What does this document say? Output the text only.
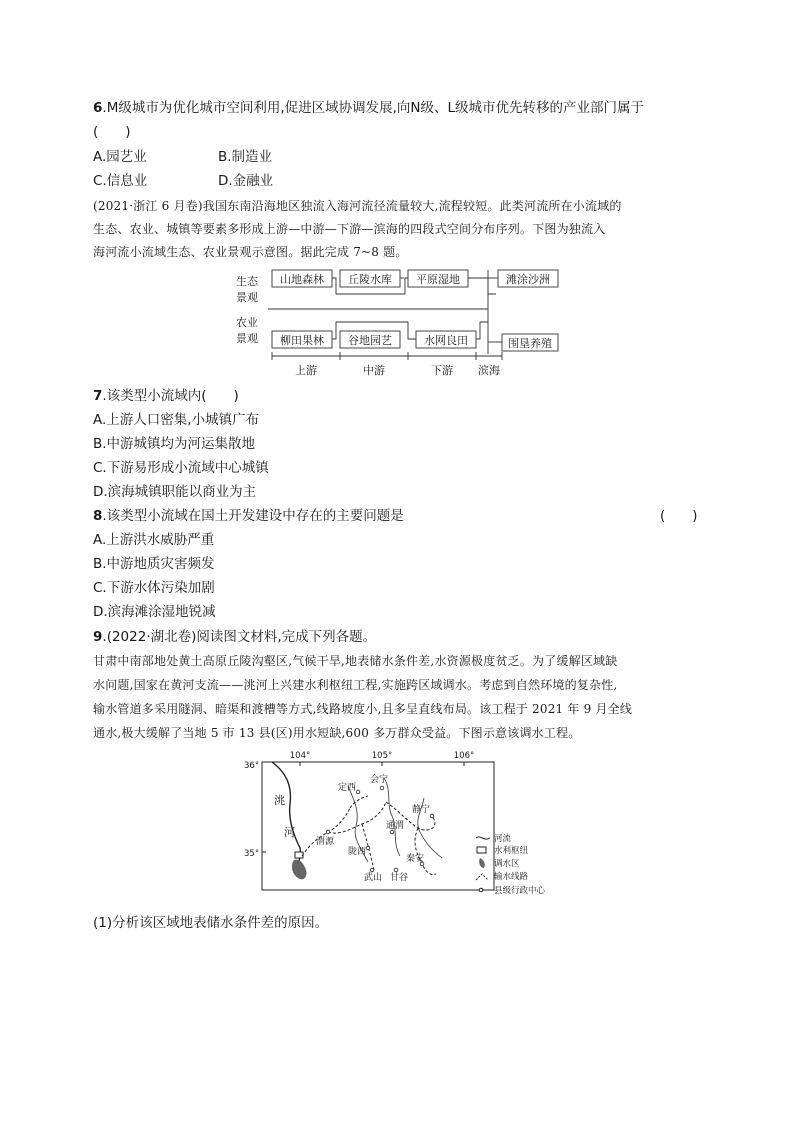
6.M级城市为优化城市空间利用,促进区域协调发展,向N级、L级城市优先转移的产业部门属于
(　　)
A.园艺业	B.制造业
C.信息业	D.金融业
(2021·浙江 6 月卷)我国东南沿海地区独流入海河流径流量较大,流程较短。此类河流所在小流域的
生态、农业、城镇等要素多形成上游—中游—下游—滨海的四段式空间分布序列。下图为独流入
海河流小流域生态、农业景观示意图。据此完成 7~8 题。
生态
景观
农业
景观
山地森林 丘陵水库 平原湿地	滩涂沙洲
柳田果林 谷地园艺	水网良田	围垦养殖
上游	中游	下游 滨海
7.该类型小流域内(　　)
A.上游人口密集,小城镇广布
B.中游城镇均为河运集散地
C.下游易形成小流域中心城镇
D.滨海城镇职能以商业为主
8.该类型小流域在国土开发建设中存在的主要问题是	(　　)
A.上游洪水威胁严重
B.中游地质灾害频发
C.下游水体污染加剧
D.滨海滩涂湿地锐减
9.(2022·湖北卷)阅读图文材料,完成下列各题。
甘肃中南部地处黄土高原丘陵沟壑区,气候干旱,地表储水条件差,水资源极度贫乏。为了缓解区域缺
水问题,国家在黄河支流——洮河上兴建水利枢纽工程,实施跨区域调水。考虑到自然环境的复杂性,
输水管道多采用隧洞、暗渠和渡槽等方式,线路坡度小,且多呈直线布局。该工程于 2021 年 9 月全线
通水,极大缓解了当地 5 市 13 县(区)用水短缺,600 多万群众受益。下图示意该调水工程。
104°	105°	106°
36°
35°
洮
河
定西
会宁
静宁
通渭
渭源
陇西
秦安
武山 甘谷
河流
水利枢纽
调水区
输水线路
县级行政中心
(1)分析该区域地表储水条件差的原因。
